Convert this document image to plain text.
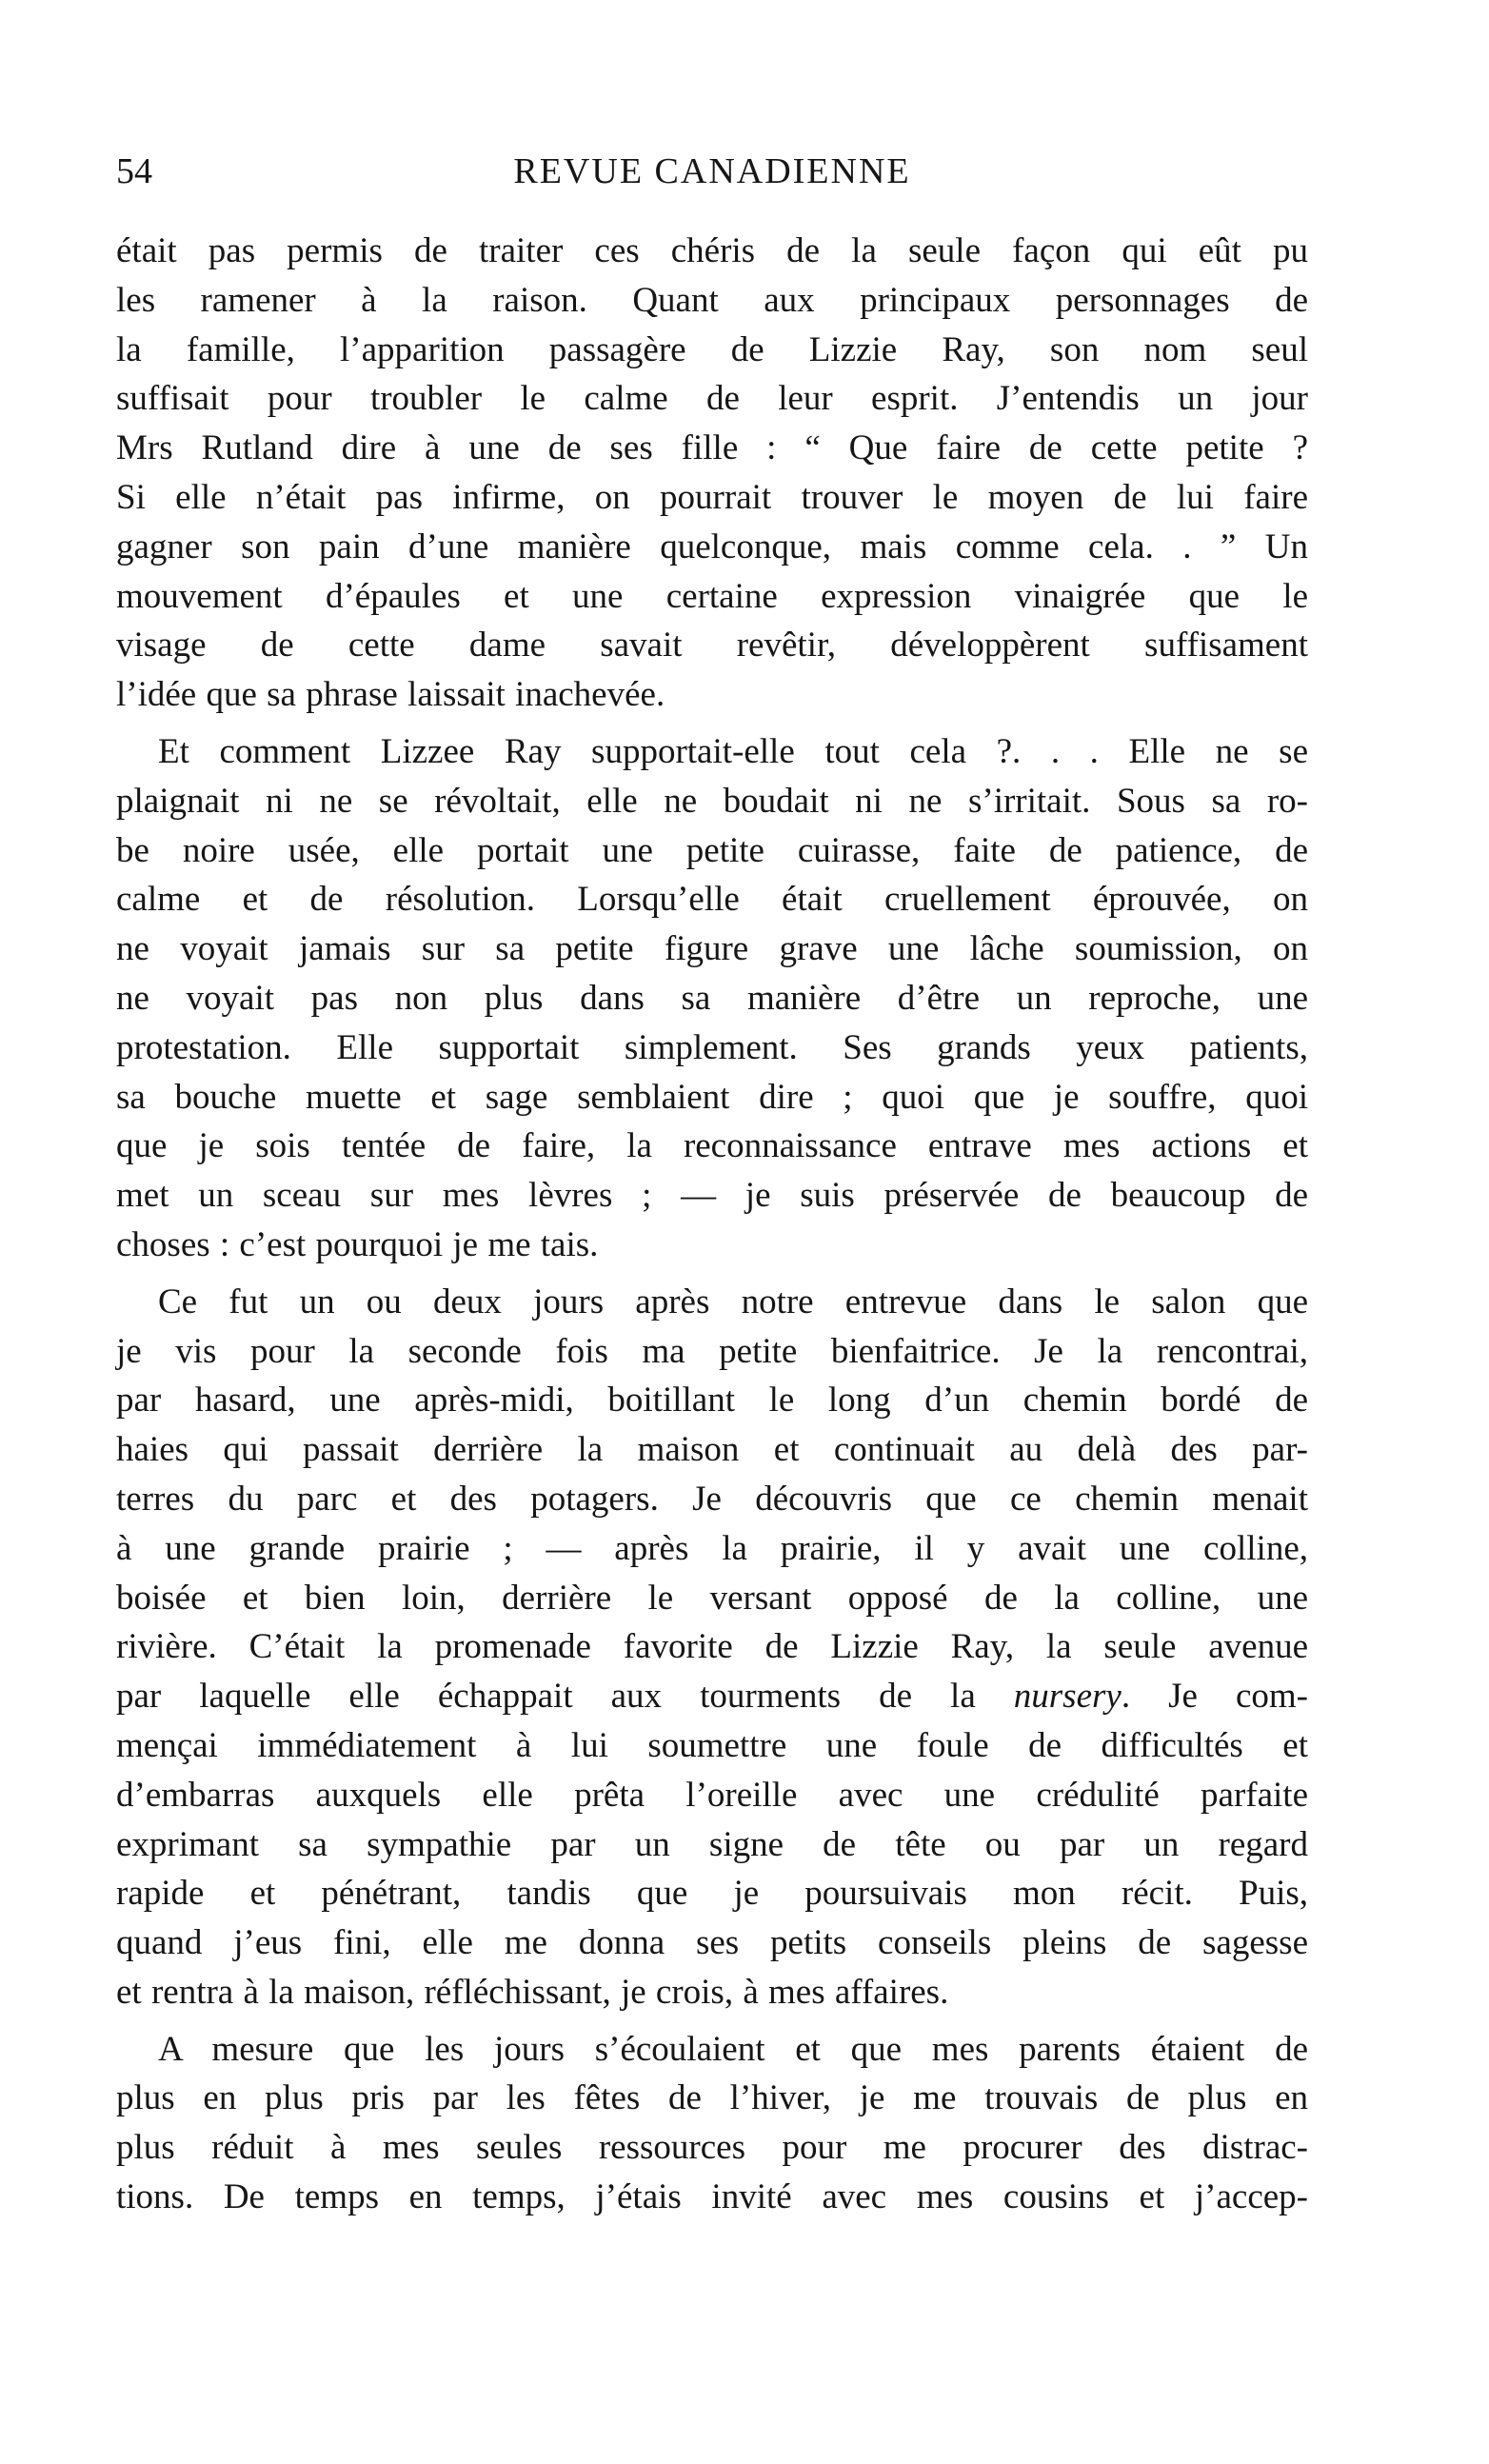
54	REVUE CANADIENNE

était pas permis de traiter ces chéris de la seule façon qui eût pu
les ramener à la raison. Quant aux principaux personnages de
la famille, l’apparition passagère de Lizzie Ray, son nom seul
suffisait pour troubler le calme de leur esprit. J’entendis un jour
Mrs Rutland dire à une de ses fille : “ Que faire de cette petite ?
Si elle n’était pas infirme, on pourrait trouver le moyen de lui faire
gagner son pain d’une manière quelconque, mais comme cela. . ” Un
mouvement d’épaules et une certaine expression vinaigrée que le
visage de cette dame savait revêtir, développèrent suffisament
l’idée que sa phrase laissait inachevée.

Et comment Lizzee Ray supportait-elle tout cela ?. . . Elle ne se
plaignait ni ne se révoltait, elle ne boudait ni ne s’irritait. Sous sa ro-
be noire usée, elle portait une petite cuirasse, faite de patience, de
calme et de résolution. Lorsqu’elle était cruellement éprouvée, on
ne voyait jamais sur sa petite figure grave une lâche soumission, on
ne voyait pas non plus dans sa manière d’être un reproche, une
protestation. Elle supportait simplement. Ses grands yeux patients,
sa bouche muette et sage semblaient dire ; quoi que je souffre, quoi
que je sois tentée de faire, la reconnaissance entrave mes actions et
met un sceau sur mes lèvres ; — je suis préservée de beaucoup de
choses : c’est pourquoi je me tais.

Ce fut un ou deux jours après notre entrevue dans le salon que
je vis pour la seconde fois ma petite bienfaitrice. Je la rencontrai,
par hasard, une après-midi, boitillant le long d’un chemin bordé de
haies qui passait derrière la maison et continuait au delà des par-
terres du parc et des potagers. Je découvris que ce chemin menait
à une grande prairie ; — après la prairie, il y avait une colline,
boisée et bien loin, derrière le versant opposé de la colline, une
rivière. C’était la promenade favorite de Lizzie Ray, la seule avenue
par laquelle elle échappait aux tourments de la nursery. Je com-
mençai immédiatement à lui soumettre une foule de difficultés et
d’embarras auxquels elle prêta l’oreille avec une crédulité parfaite
exprimant sa sympathie par un signe de tête ou par un regard
rapide et pénétrant, tandis que je poursuivais mon récit. Puis,
quand j’eus fini, elle me donna ses petits conseils pleins de sagesse
et rentra à la maison, réfléchissant, je crois, à mes affaires.

A mesure que les jours s’écoulaient et que mes parents étaient de
plus en plus pris par les fêtes de l’hiver, je me trouvais de plus en
plus réduit à mes seules ressources pour me procurer des distrac-
tions. De temps en temps, j’étais invité avec mes cousins et j’accep-
